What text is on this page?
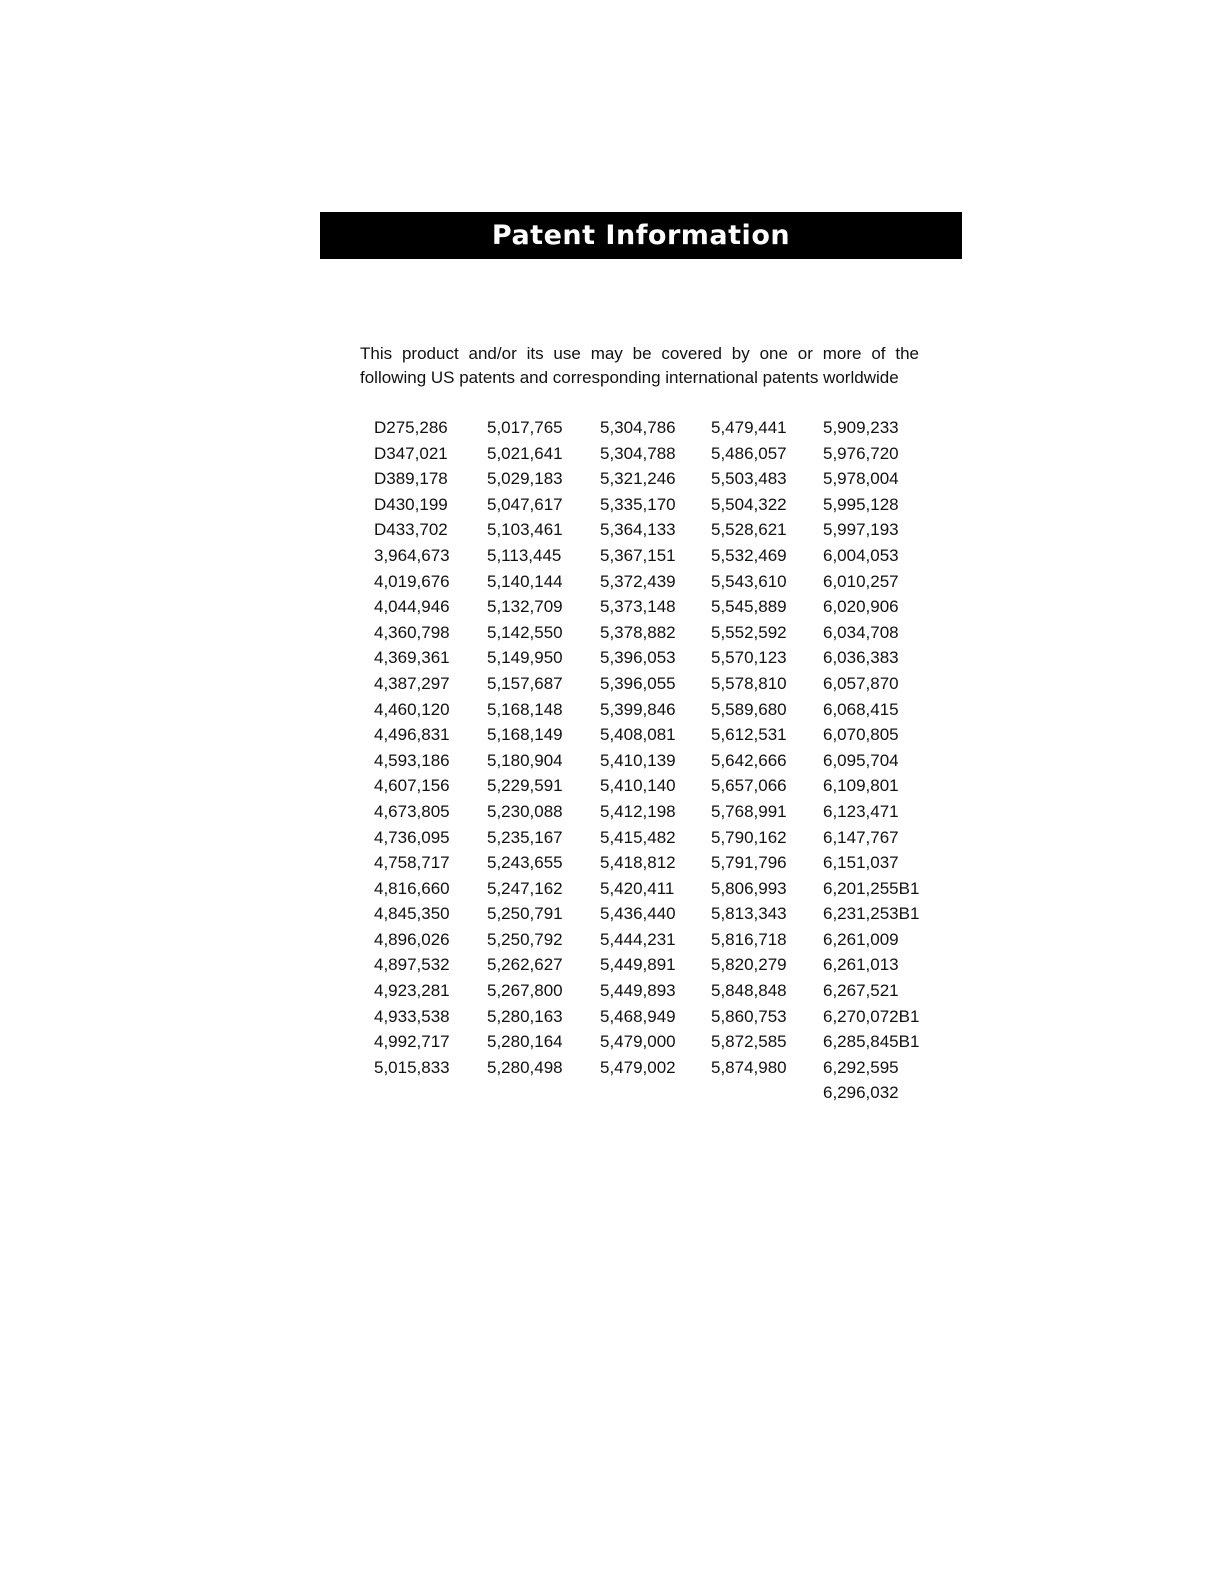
Patent Information

This product and/or its use may be covered by one or more of the following US patents and corresponding international patents worldwide

D275,286
D347,021
D389,178
D430,199
D433,702
3,964,673
4,019,676
4,044,946
4,360,798
4,369,361
4,387,297
4,460,120
4,496,831
4,593,186
4,607,156
4,673,805
4,736,095
4,758,717
4,816,660
4,845,350
4,896,026
4,897,532
4,923,281
4,933,538
4,992,717
5,015,833
5,017,765
5,021,641
5,029,183
5,047,617
5,103,461
5,113,445
5,140,144
5,132,709
5,142,550
5,149,950
5,157,687
5,168,148
5,168,149
5,180,904
5,229,591
5,230,088
5,235,167
5,243,655
5,247,162
5,250,791
5,250,792
5,262,627
5,267,800
5,280,163
5,280,164
5,280,498
5,304,786
5,304,788
5,321,246
5,335,170
5,364,133
5,367,151
5,372,439
5,373,148
5,378,882
5,396,053
5,396,055
5,399,846
5,408,081
5,410,139
5,410,140
5,412,198
5,415,482
5,418,812
5,420,411
5,436,440
5,444,231
5,449,891
5,449,893
5,468,949
5,479,000
5,479,002
5,479,441
5,486,057
5,503,483
5,504,322
5,528,621
5,532,469
5,543,610
5,545,889
5,552,592
5,570,123
5,578,810
5,589,680
5,612,531
5,642,666
5,657,066
5,768,991
5,790,162
5,791,796
5,806,993
5,813,343
5,816,718
5,820,279
5,848,848
5,860,753
5,872,585
5,874,980
5,909,233
5,976,720
5,978,004
5,995,128
5,997,193
6,004,053
6,010,257
6,020,906
6,034,708
6,036,383
6,057,870
6,068,415
6,070,805
6,095,704
6,109,801
6,123,471
6,147,767
6,151,037
6,201,255B1
6,231,253B1
6,261,009
6,261,013
6,267,521
6,270,072B1
6,285,845B1
6,292,595
6,296,032
